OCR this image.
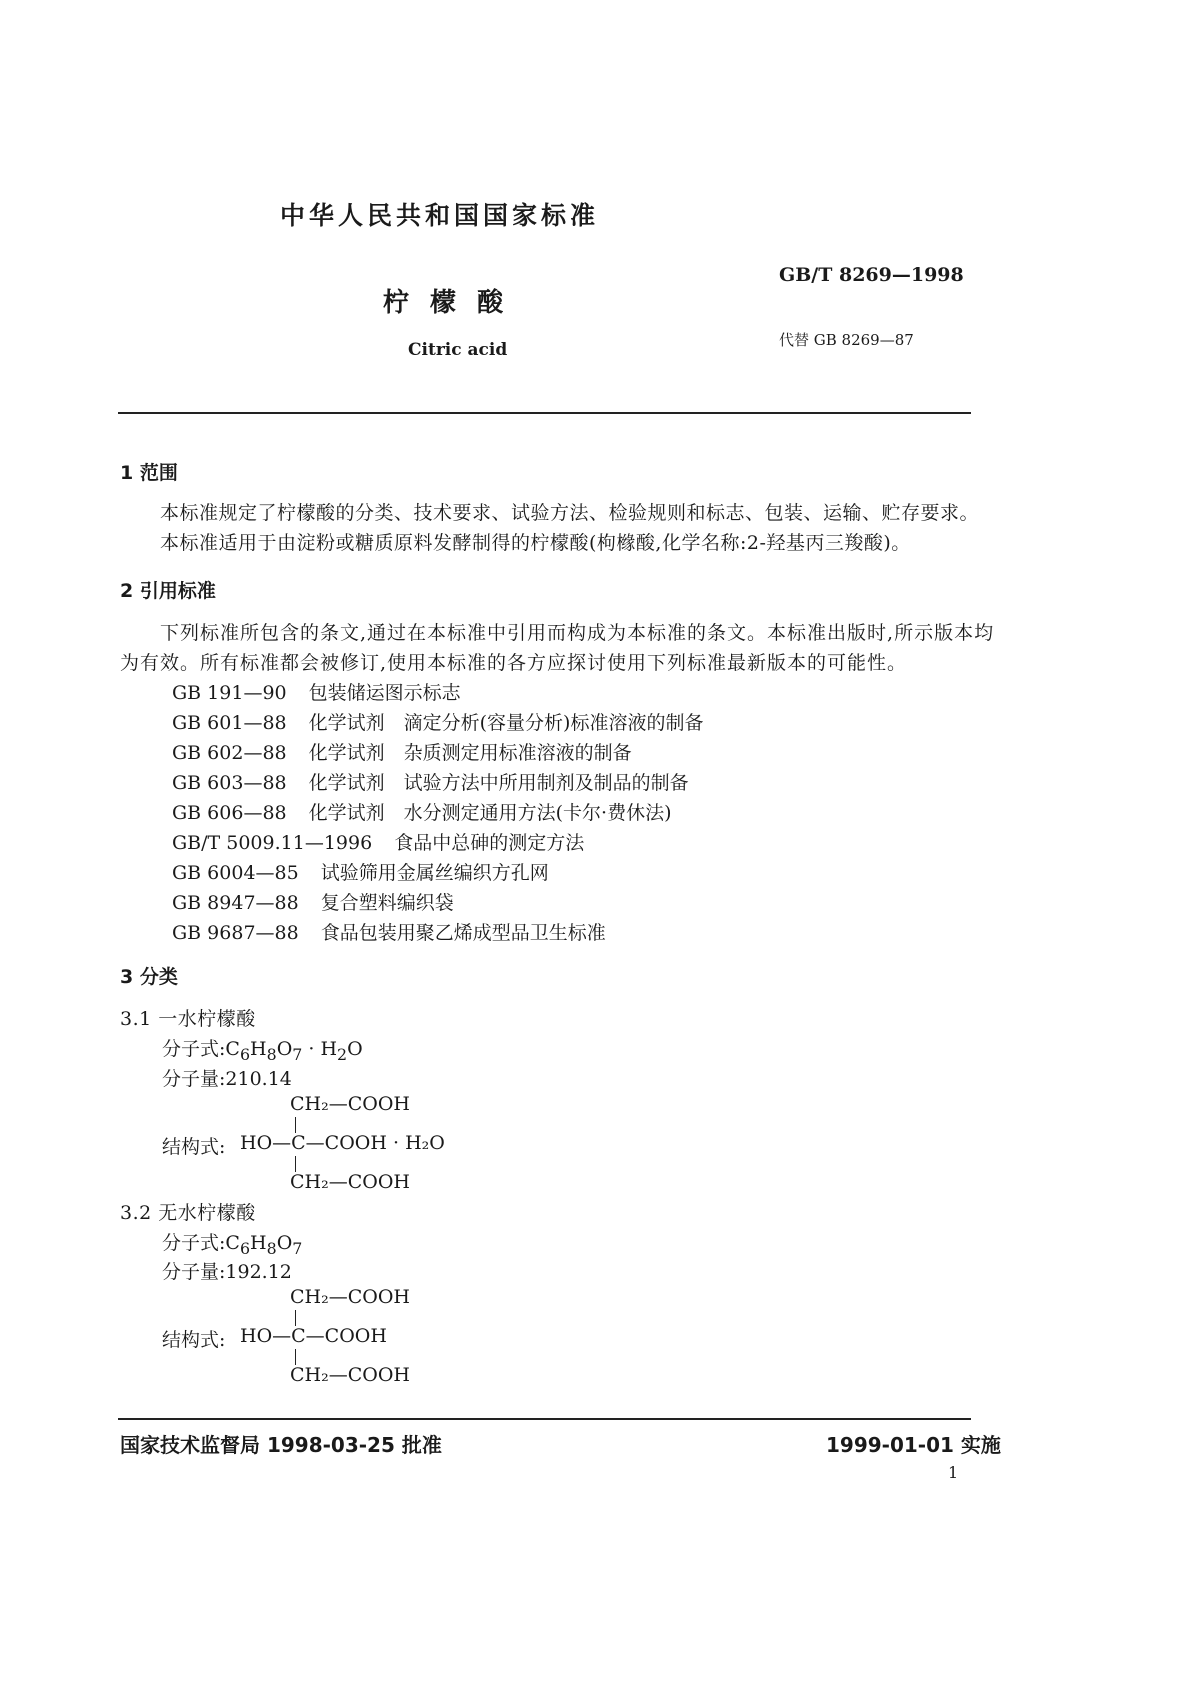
中华人民共和国国家标准
柠 檬 酸
Citric acid
GB/T 8269—1998
代替 GB 8269—87
1 范围
本标准规定了柠檬酸的分类、技术要求、试验方法、检验规则和标志、包装、运输、贮存要求。
本标准适用于由淀粉或糖质原料发酵制得的柠檬酸(枸橼酸,化学名称:2-羟基丙三羧酸)。
2 引用标准
下列标准所包含的条文,通过在本标准中引用而构成为本标准的条文。本标准出版时,所示版本均
为有效。所有标准都会被修订,使用本标准的各方应探讨使用下列标准最新版本的可能性。
GB 191—90 包装储运图示标志
GB 601—88 化学试剂　滴定分析(容量分析)标准溶液的制备
GB 602—88 化学试剂　杂质测定用标准溶液的制备
GB 603—88 化学试剂　试验方法中所用制剂及制品的制备
GB 606—88 化学试剂　水分测定通用方法(卡尔·费休法)
GB/T 5009.11—1996 食品中总砷的测定方法
GB 6004—85 试验筛用金属丝编织方孔网
GB 8947—88 复合塑料编织袋
GB 9687—88 食品包装用聚乙烯成型品卫生标准
3 分类
3.1 一水柠檬酸
分子式$:C_6H_8O_7 \cdot H_2O$
分子量:210.14
CH₂—COOH
结构式: HO—C—COOH · H₂O
CH₂—COOH
3.2 无水柠檬酸
分子式$:C_6H_8O_7$
分子量:192.12
CH₂—COOH
结构式: HO—C—COOH
CH₂—COOH
国家技术监督局 1998-03-25 批准	1999-01-01 实施
1
